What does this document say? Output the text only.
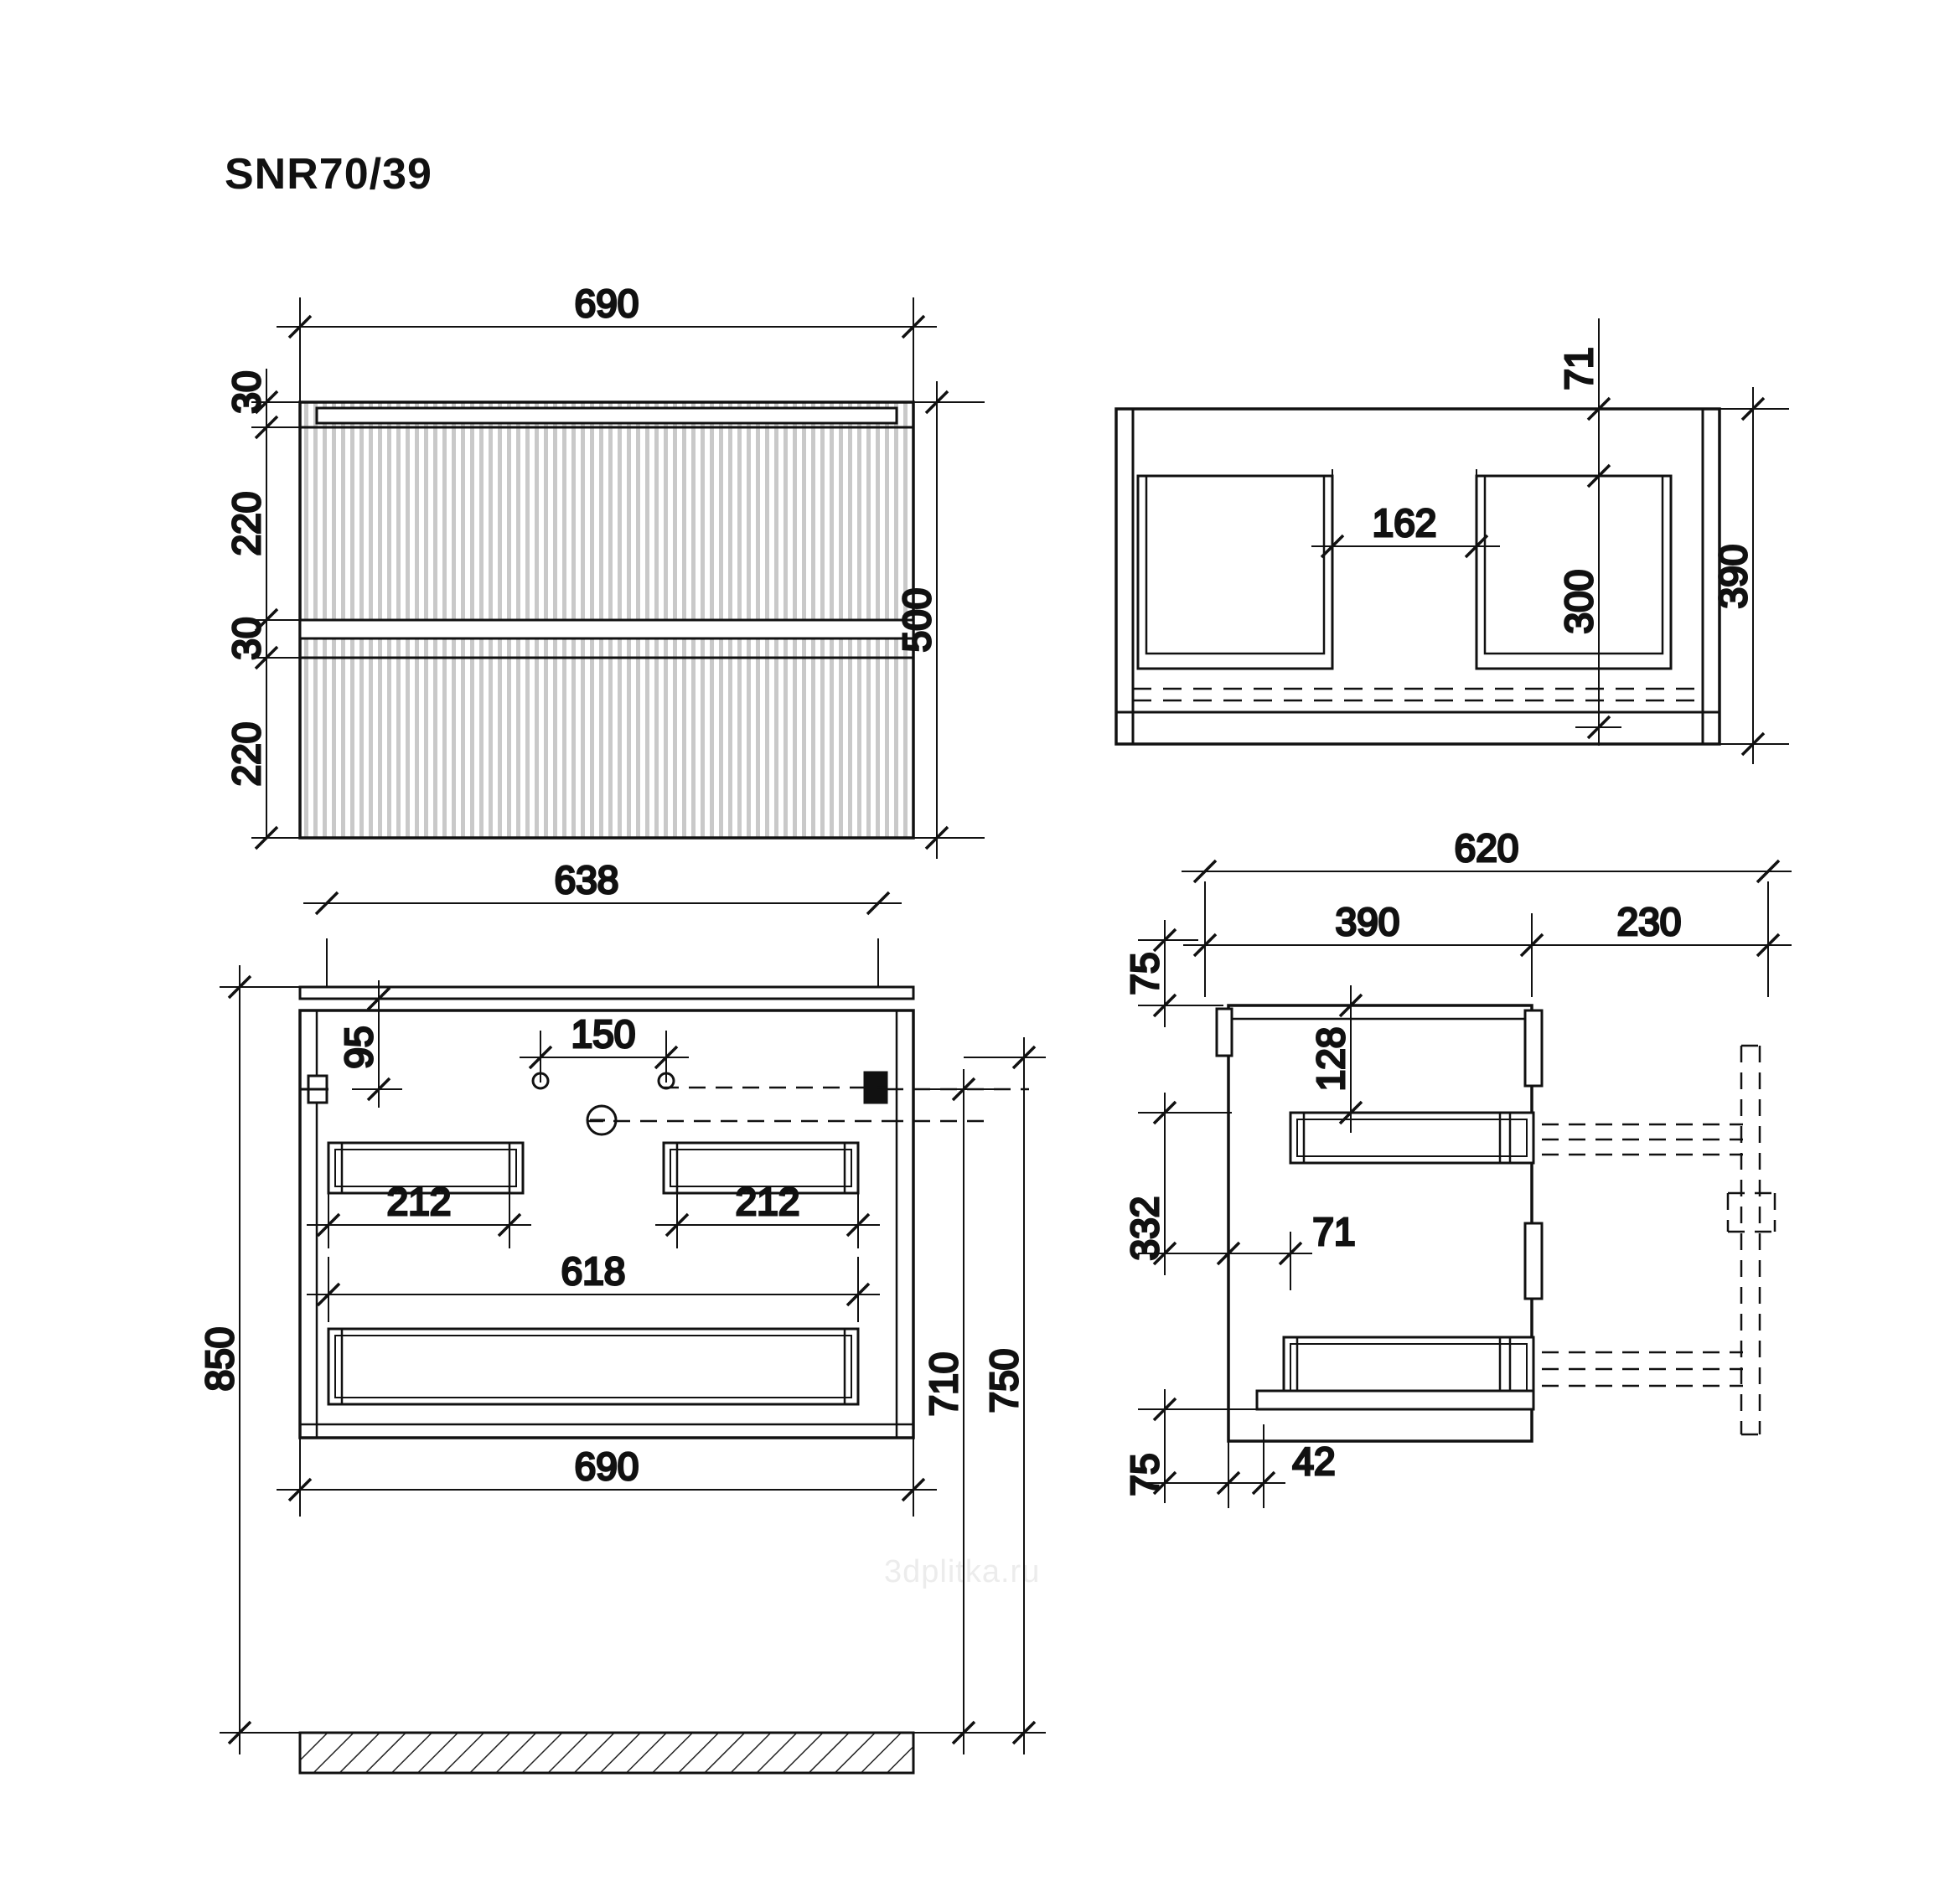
SNR70/39
3dplitka.ru
690
30
220
30
220
500
162
300
71
390
638
95	150
212	212
618
690
850	710 750
620
390	230
75
128
332	71
75	42
